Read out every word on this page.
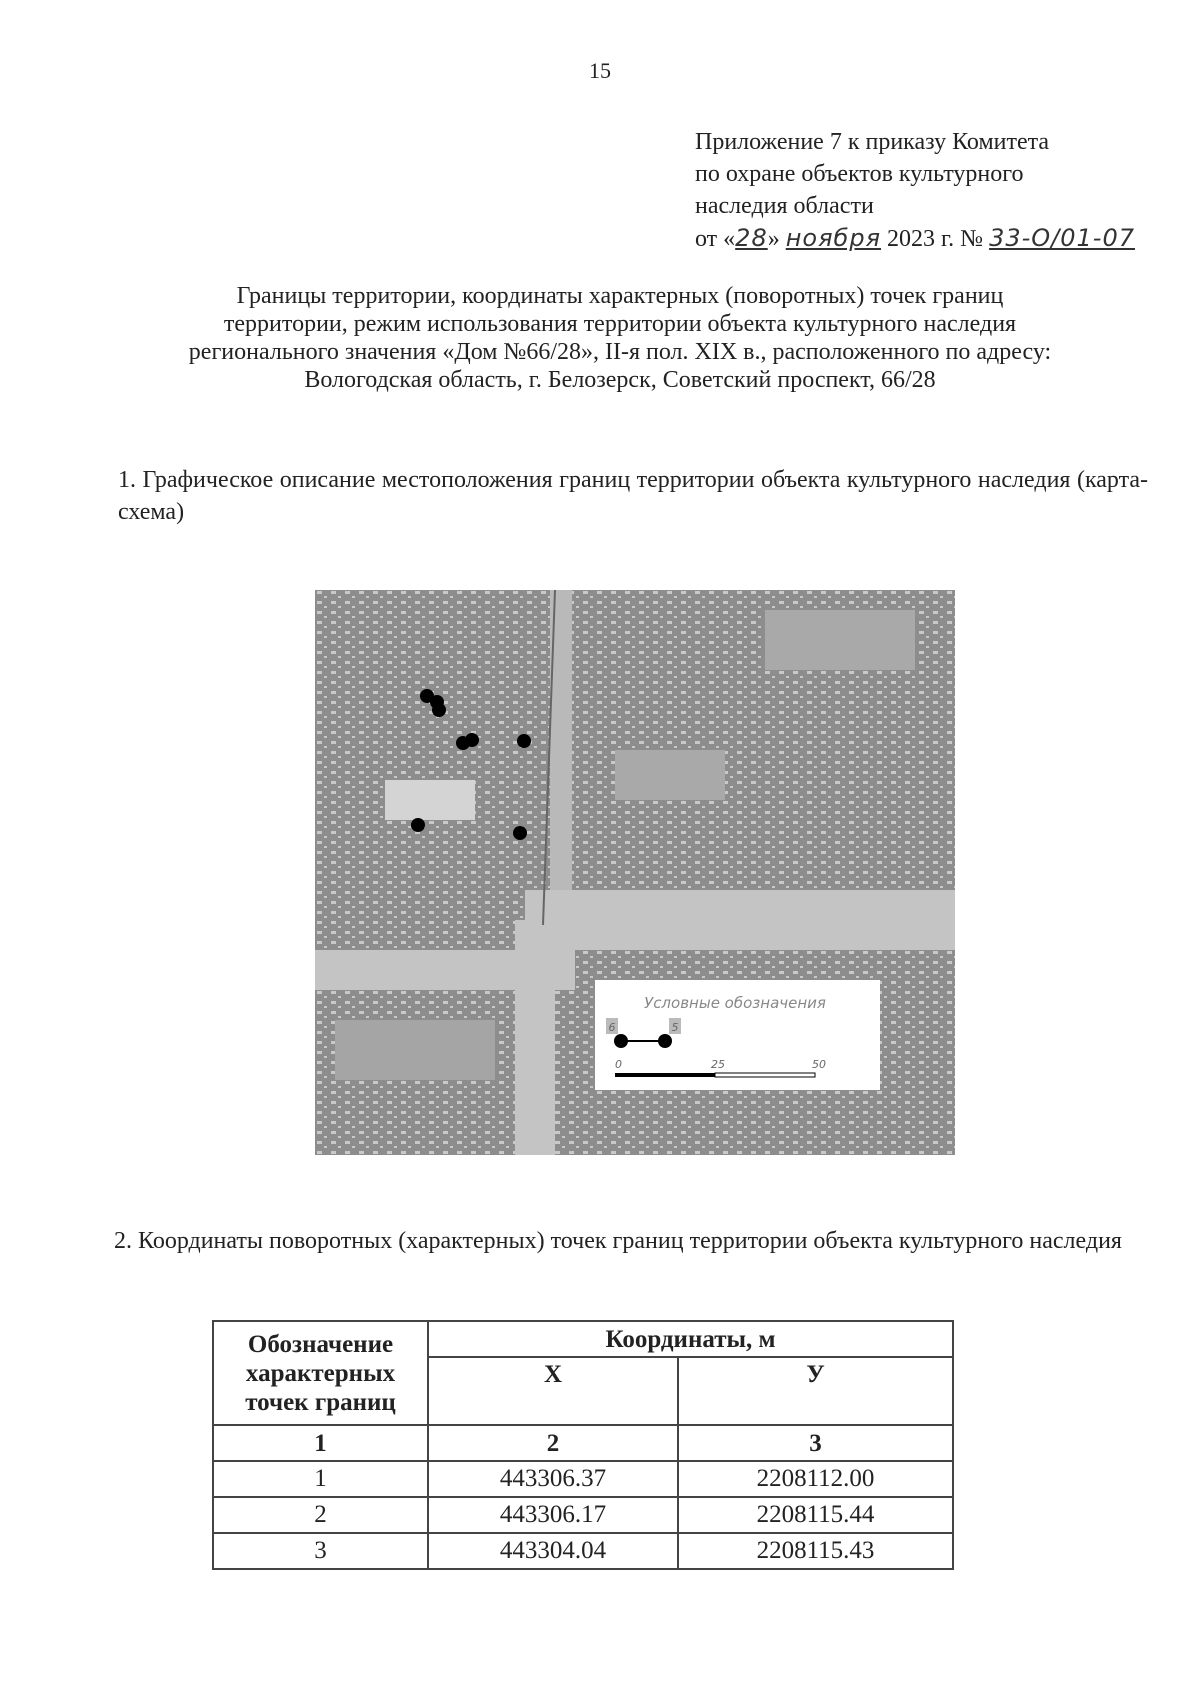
15
Приложение 7 к приказу Комитета
по охране объектов культурного
наследия области
от «28» ноября 2023 г. № 33-О/01-07
Границы территории, координаты характерных (поворотных) точек границ
территории, режим использования территории объекта культурного наследия
регионального значения «Дом №66/28», II-я пол. XIX в., расположенного по адресу:
Вологодская область, г. Белозерск, Советский проспект, 66/28
1. Графическое описание местоположения границ территории объекта культурного наследия (карта-схема)
Условные обозначения
6	5
0	25	50
2. Координаты поворотных (характерных) точек границ территории объекта культурного наследия
Обозначение
характерных
точек границ	Координаты, м	
	X	У
1	2	3
1	443306.37	2208112.00
2	443306.17	2208115.44
3	443304.04	2208115.43
